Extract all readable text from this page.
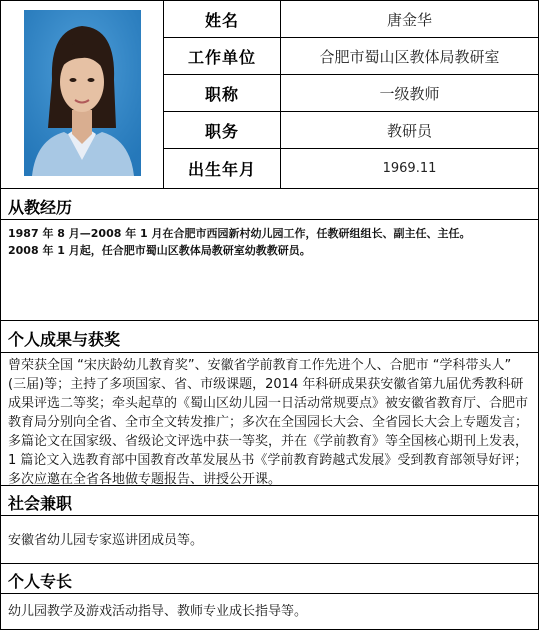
姓名
工作单位
职称
职务
出生年月
唐金华
合肥市蜀山区教体局教研室
一级教师
教研员
1969.11
从教经历
1987 年 8 月—2008 年 1 月在合肥市西园新村幼儿园工作，任教研组组长、副主任、主任。
2008 年 1 月起，任合肥市蜀山区教体局教研室幼教教研员。
个人成果与获奖
曾荣获全国 “宋庆龄幼儿教育奖”、安徽省学前教育工作先进个人、合肥市 “学科带头人” (三届)等；主持了多项国家、省、市级课题，2014 年科研成果获安徽省第九届优秀教科研成果评选二等奖；牵头起草的《蜀山区幼儿园一日活动常规要点》被安徽省教育厅、合肥市教育局分别向全省、全市全文转发推广；多次在全国园长大会、全省园长大会上专题发言；多篇论文在国家级、省级论文评选中获一等奖，并在《学前教育》等全国核心期刊上发表，1 篇论文入选教育部中国教育改革发展丛书《学前教育跨越式发展》受到教育部领导好评；多次应邀在全省各地做专题报告、讲授公开课。
社会兼职
安徽省幼儿园专家巡讲团成员等。
个人专长
幼儿园教学及游戏活动指导、教师专业成长指导等。
